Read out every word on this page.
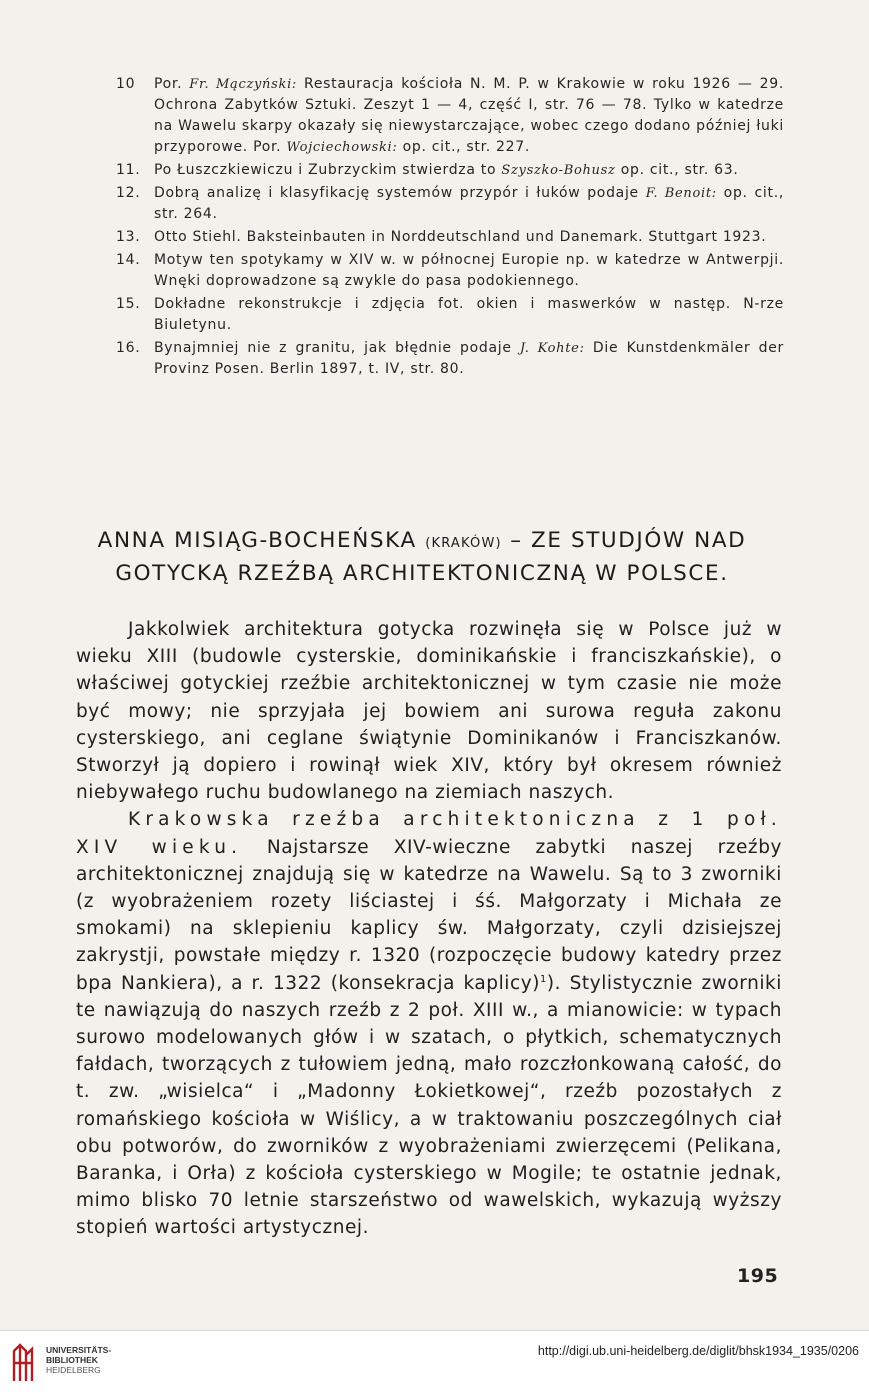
10	Por. Fr. Mączyński: Restauracja kościoła N. M. P. w Krakowie w roku 1926 — 29. Ochrona Zabytków Sztuki. Zeszyt 1 — 4, część I, str. 76 — 78. Tylko w katedrze na Wawelu skarpy okazały się niewystarczające, wobec czego dodano później łuki przyporowe. Por. Wojciechowski: op. cit., str. 227.
11. Po Łuszczkiewiczu i Zubrzyckim stwierdza to Szyszko-Bohusz op. cit., str. 63.
12. Dobrą analizę i klasyfikację systemów przypór i łuków podaje F. Benoit: op. cit., str. 264.
13. Otto Stiehl. Baksteinbauten in Norddeutschland und Danemark. Stuttgart 1923.
14. Motyw ten spotykamy w XIV w. w północnej Europie np. w katedrze w Antwerpji. Wnęki doprowadzone są zwykle do pasa podokiennego.
15. Dokładne rekonstrukcje i zdjęcia fot. okien i maswerków w następ. N-rze Biuletynu.
16. Bynajmniej nie z granitu, jak błędnie podaje J. Kohte: Die Kunstdenkmäler der Provinz Posen. Berlin 1897, t. IV, str. 80.
ANNA MISIĄG-BOCHEŃSKA (KRAKÓW) – ZE STUDJÓW NAD
GOTYCKĄ RZEŹBĄ ARCHITEKTONICZNĄ W POLSCE.

Jakkolwiek architektura gotycka rozwinęła się w Polsce już w wieku XIII (budowle cysterskie, dominikańskie i franciszkańskie), o właściwej gotyckiej rzeźbie architektonicznej w tym czasie nie może być mowy; nie sprzyjała jej bowiem ani surowa reguła zakonu cysterskiego, ani ceglane świątynie Dominikanów i Franciszkanów. Stworzył ją dopiero i rowinął wiek XIV, który był okresem również niebywałego ruchu budowlanego na ziemiach naszych.

Krakowska rzeźba architektoniczna z 1 poł. XIV wieku. Najstarsze XIV-wieczne zabytki naszej rzeźby architektonicznej znajdują się w katedrze na Wawelu. Są to 3 zworniki (z wyobrażeniem rozety liściastej i śś. Małgorzaty i Michała ze smokami) na sklepieniu kaplicy św. Małgorzaty, czyli dzisiejszej zakrystji, powstałe między r. 1320 (rozpoczęcie budowy katedry przez bpa Nankiera), a r. 1322 (konsekracja kaplicy)$^1$). Stylistycznie zworniki te nawiązują do naszych rzeźb z 2 poł. XIII w., a mianowicie: w typach surowo modelowanych głów i w szatach, o płytkich, schematycznych fałdach, tworzących z tułowiem jedną, mało rozczłonkowaną całość, do t. zw. „wisielca“ i „Madonny Łokietkowej“, rzeźb pozostałych z romańskiego kościoła w Wiślicy, a w traktowaniu poszczególnych ciał obu potworów, do zworników z wyobrażeniami zwierzęcemi (Pelikana, Baranka, i Orła) z kościoła cysterskiego w Mogile; te ostatnie jednak, mimo blisko 70 letnie starszeństwo od wawelskich, wykazują wyższy stopień wartości artystycznej.

195
UNIVERSITÄTS-
BIBLIOTHEK
HEIDELBERG
http://digi.ub.uni-heidelberg.de/diglit/bhsk1934_1935/0206
